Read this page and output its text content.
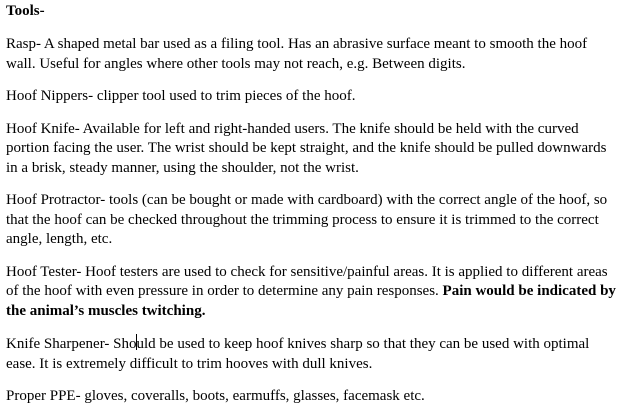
Tools-

Rasp- A shaped metal bar used as a filing tool. Has an abrasive surface meant to smooth the hoof wall. Useful for angles where other tools may not reach, e.g. Between digits.

Hoof Nippers- clipper tool used to trim pieces of the hoof.

Hoof Knife- Available for left and right-handed users. The knife should be held with the curved portion facing the user. The wrist should be kept straight, and the knife should be pulled downwards in a brisk, steady manner, using the shoulder, not the wrist.

Hoof Protractor- tools (can be bought or made with cardboard) with the correct angle of the hoof, so that the hoof can be checked throughout the trimming process to ensure it is trimmed to the correct angle, length, etc.

Hoof Tester- Hoof testers are used to check for sensitive/painful areas. It is applied to different areas of the hoof with even pressure in order to determine any pain responses. Pain would be indicated by the animal’s muscles twitching.

Knife Sharpener- Should be used to keep hoof knives sharp so that they can be used with optimal ease. It is extremely difficult to trim hooves with dull knives.

Proper PPE- gloves, coveralls, boots, earmuffs, glasses, facemask etc.
